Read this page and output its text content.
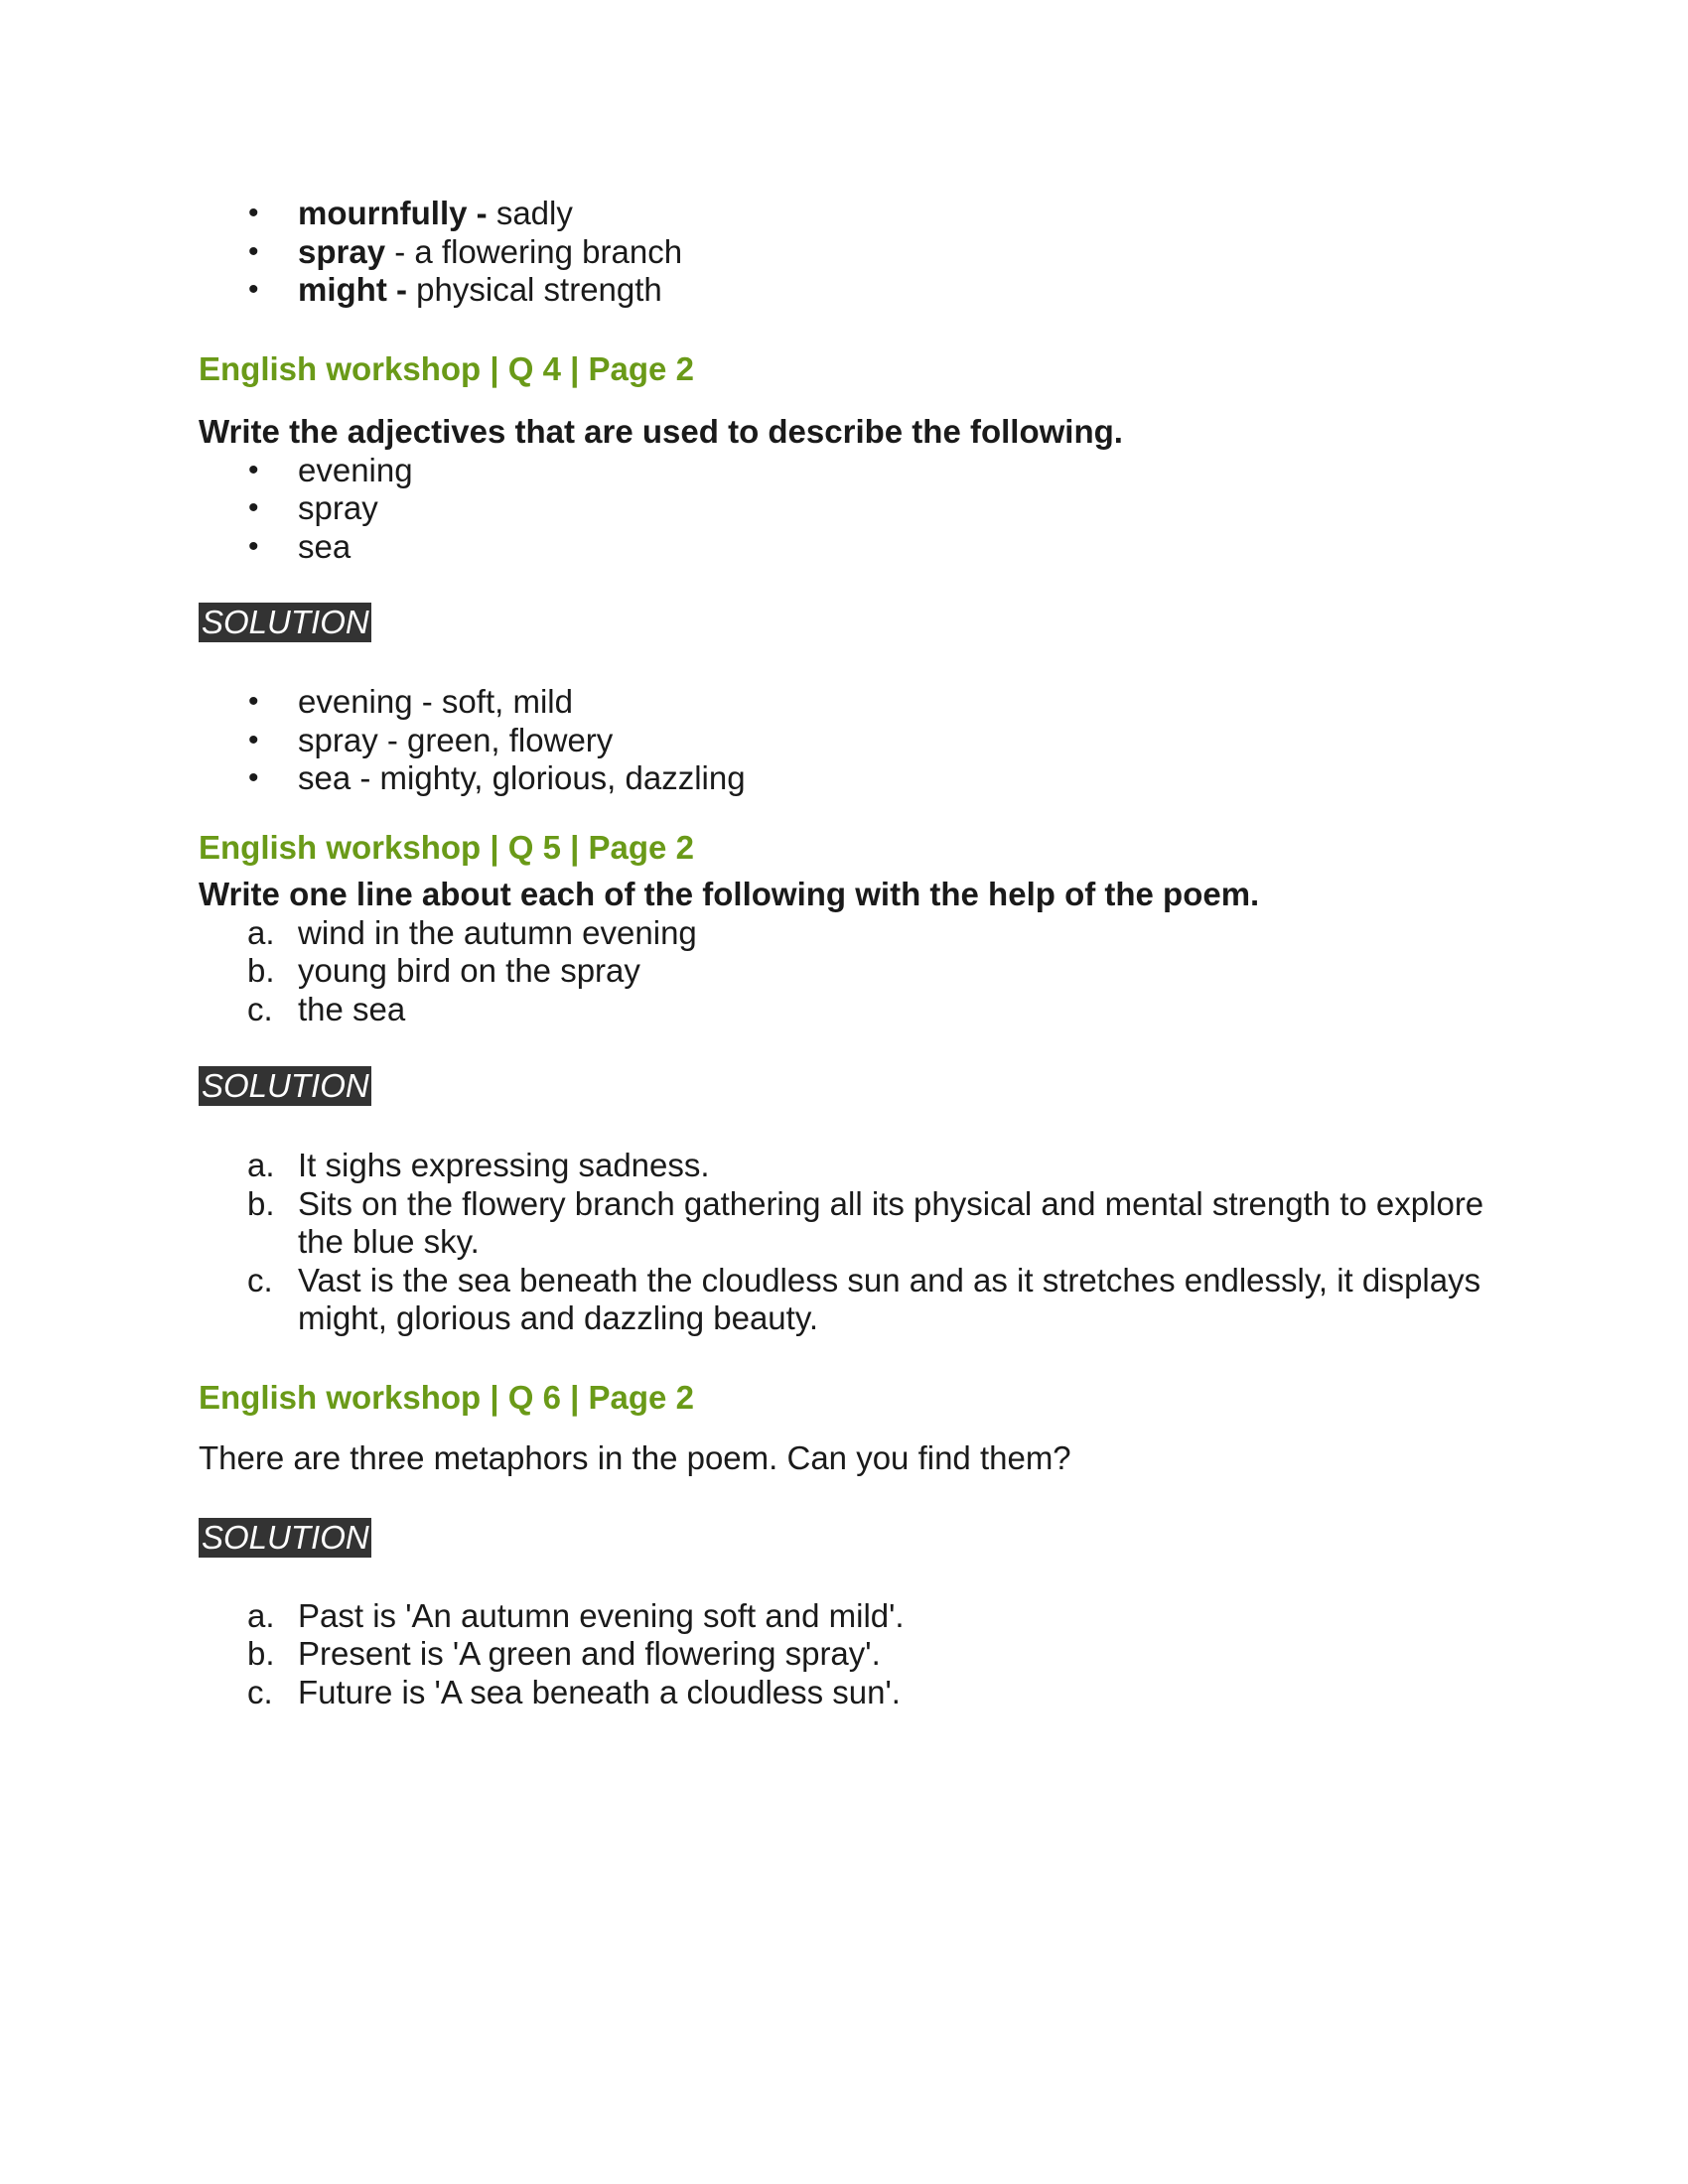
• mournfully - sadly
• spray - a flowering branch
• might - physical strength

English workshop | Q 4 | Page 2

Write the adjectives that are used to describe the following.

• evening
• spray
• sea
SOLUTION
• evening - soft, mild
• spray - green, flowery
• sea - mighty, glorious, dazzling

English workshop | Q 5 | Page 2

Write one line about each of the following with the help of the poem.

a. wind in the autumn evening
b. young bird on the spray
c. the sea
SOLUTION
a. It sighs expressing sadness.
b. Sits on the flowery branch gathering all its physical and mental strength to explore the blue sky.
c. Vast is the sea beneath the cloudless sun and as it stretches endlessly, it displays might, glorious and dazzling beauty.

English workshop | Q 6 | Page 2

There are three metaphors in the poem. Can you find them?

SOLUTION
a. Past is 'An autumn evening soft and mild'.
b. Present is 'A green and flowering spray'.
c. Future is 'A sea beneath a cloudless sun'.
